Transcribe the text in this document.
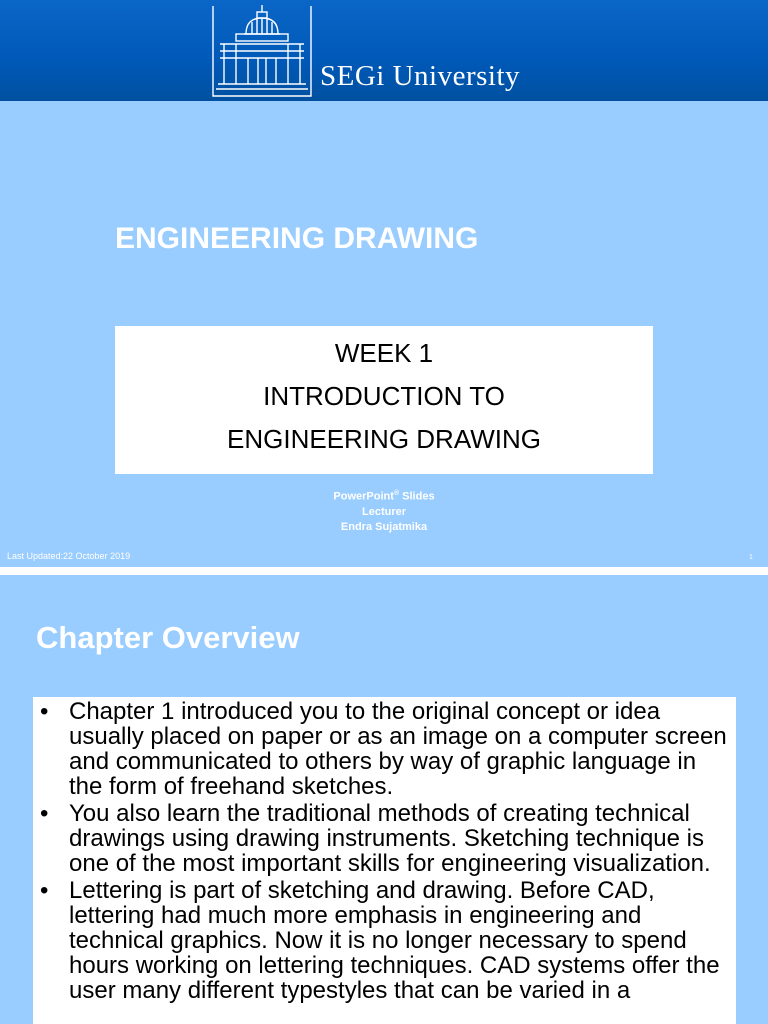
SEGi University
ENGINEERING DRAWING
WEEK 1
INTRODUCTION TO
ENGINEERING DRAWING
PowerPoint® Slides
Lecturer
Endra Sujatmika
Last Updated:22 October 2019	1
Chapter Overview
• Chapter 1 introduced you to the original concept or idea usually placed on paper or as an image on a computer screen and communicated to others by way of graphic language in the form of freehand sketches.
• You also learn the traditional methods of creating technical drawings using drawing instruments. Sketching technique is one of the most important skills for engineering visualization.
• Lettering is part of sketching and drawing. Before CAD, lettering had much more emphasis in engineering and technical graphics. Now it is no longer necessary to spend hours working on lettering techniques. CAD systems offer the user many different typestyles that can be varied in a
